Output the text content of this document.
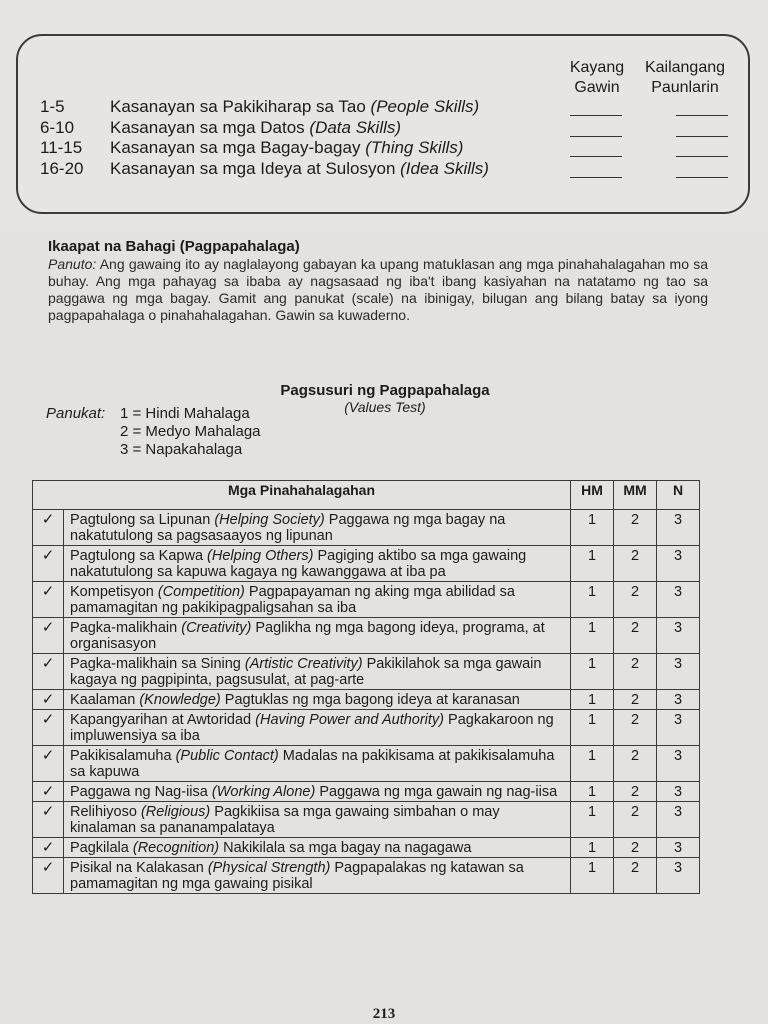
Kayang
Gawin
Kailangang
Paunlarin
1-5	Kasanayan sa Pakikiharap sa Tao (People Skills)
6-10 Kasanayan sa mga Datos (Data Skills)
11-15 Kasanayan sa mga Bagay-bagay (Thing Skills)
16-20 Kasanayan sa mga Ideya at Sulosyon (Idea Skills)
Ikaapat na Bahagi (Pagpapahalaga)
Panuto: Ang gawaing ito ay naglalayong gabayan ka upang matuklasan ang mga pinahahalagahan mo sa buhay. Ang mga pahayag sa ibaba ay nagsasaad ng iba't ibang kasiyahan na natatamo ng tao sa paggawa ng mga bagay. Gamit ang panukat (scale) na ibinigay, bilugan ang bilang batay sa iyong pagpapahalaga o pinahahalagahan. Gawin sa kuwaderno.
Pagsusuri ng Pagpapahalaga
(Values Test)
Panukat: 1 = Hindi Mahalaga
2 = Medyo Mahalaga
3 = Napakahalaga
Mga Pinahahalagahan		HM	MM	N
✓	Pagtulong sa Lipunan (Helping Society) Paggawa ng mga bagay na nakatutulong sa pagsasaayos ng lipunan	1	2	3
✓	Pagtulong sa Kapwa (Helping Others) Pagiging aktibo sa mga gawaing nakatutulong sa kapuwa kagaya ng kawanggawa at iba pa	1	2	3
✓	Kompetisyon (Competition) Pagpapayaman ng aking mga abilidad sa pamamagitan ng pakikipagpaligsahan sa iba	1	2	3
✓	Pagka-malikhain (Creativity) Paglikha ng mga bagong ideya, programa, at organisasyon	1	2	3
✓	Pagka-malikhain sa Sining (Artistic Creativity) Pakikilahok sa mga gawain kagaya ng pagpipinta, pagsusulat, at pag-arte	1	2	3
✓	Kaalaman (Knowledge) Pagtuklas ng mga bagong ideya at karanasan	1	2	3
✓	Kapangyarihan at Awtoridad (Having Power and Authority) Pagkakaroon ng impluwensiya sa iba	1	2	3
✓	Pakikisalamuha (Public Contact) Madalas na pakikisama at pakikisalamuha sa kapuwa	1	2	3
✓	Paggawa ng Nag-iisa (Working Alone) Paggawa ng mga gawain ng nag-iisa	1	2	3
✓	Relihiyoso (Religious) Pagkikiisa sa mga gawaing simbahan o may kinalaman sa pananampalataya	1	2	3
✓	Pagkilala (Recognition) Nakikilala sa mga bagay na nagagawa	1	2	3
✓	Pisikal na Kalakasan (Physical Strength) Pagpapalakas ng katawan sa pamamagitan ng mga gawaing pisikal	1	2	3
213
